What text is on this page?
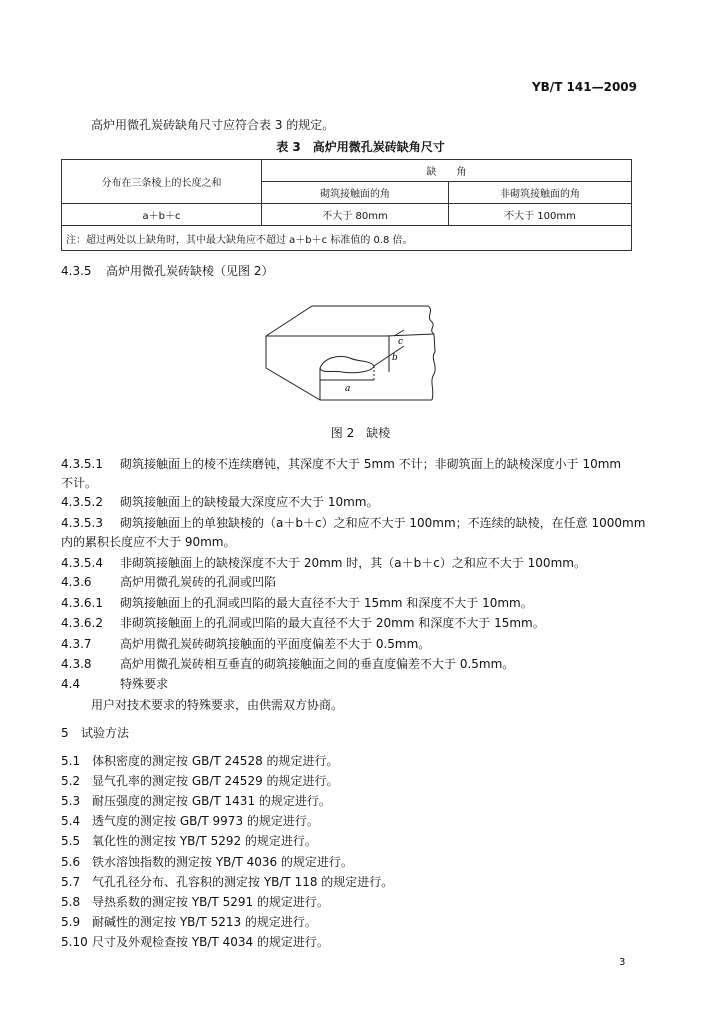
YB/T 141—2009
高炉用微孔炭砖缺角尺寸应符合表 3 的规定。
表 3　高炉用微孔炭砖缺角尺寸
分布在三条棱上的长度之和	缺　　角	
	砌筑接触面的角	非砌筑接触面的角
a＋b＋c	不大于 80mm	不大于 100mm
注：超过两处以上缺角时，其中最大缺角应不超过 a＋b＋c 标准值的 0.8 倍。		
4.3.5 高炉用微孔炭砖缺棱（见图 2）
a
b
c
图 2　缺棱
4.3.5.1 砌筑接触面上的棱不连续磨钝，其深度不大于 5mm 不计；非砌筑面上的缺棱深度小于 10mm
不计。
4.3.5.2 砌筑接触面上的缺棱最大深度应不大于 10mm。
4.3.5.3 砌筑接触面上的单独缺棱的（a＋b＋c）之和应不大于 100mm；不连续的缺棱，在任意 1000mm
内的累积长度应不大于 90mm。
4.3.5.4 非砌筑接触面上的缺棱深度不大于 20mm 时，其（a＋b＋c）之和应不大于 100mm。
4.3.6 高炉用微孔炭砖的孔洞或凹陷
4.3.6.1 砌筑接触面上的孔洞或凹陷的最大直径不大于 15mm 和深度不大于 10mm。
4.3.6.2 非砌筑接触面上的孔洞或凹陷的最大直径不大于 20mm 和深度不大于 15mm。
4.3.7 高炉用微孔炭砖砌筑接触面的平面度偏差不大于 0.5mm。
4.3.8 高炉用微孔炭砖相互垂直的砌筑接触面之间的垂直度偏差不大于 0.5mm。
4.4	特殊要求
用户对技术要求的特殊要求，由供需双方协商。
5 试验方法
5.1 体积密度的测定按 GB/T 24528 的规定进行。
5.2 显气孔率的测定按 GB/T 24529 的规定进行。
5.3 耐压强度的测定按 GB/T 1431 的规定进行。
5.4 透气度的测定按 GB/T 9973 的规定进行。
5.5 氧化性的测定按 YB/T 5292 的规定进行。
5.6 铁水溶蚀指数的测定按 YB/T 4036 的规定进行。
5.7 气孔孔径分布、孔容积的测定按 YB/T 118 的规定进行。
5.8 导热系数的测定按 YB/T 5291 的规定进行。
5.9 耐碱性的测定按 YB/T 5213 的规定进行。
5.10 尺寸及外观检查按 YB/T 4034 的规定进行。
3
